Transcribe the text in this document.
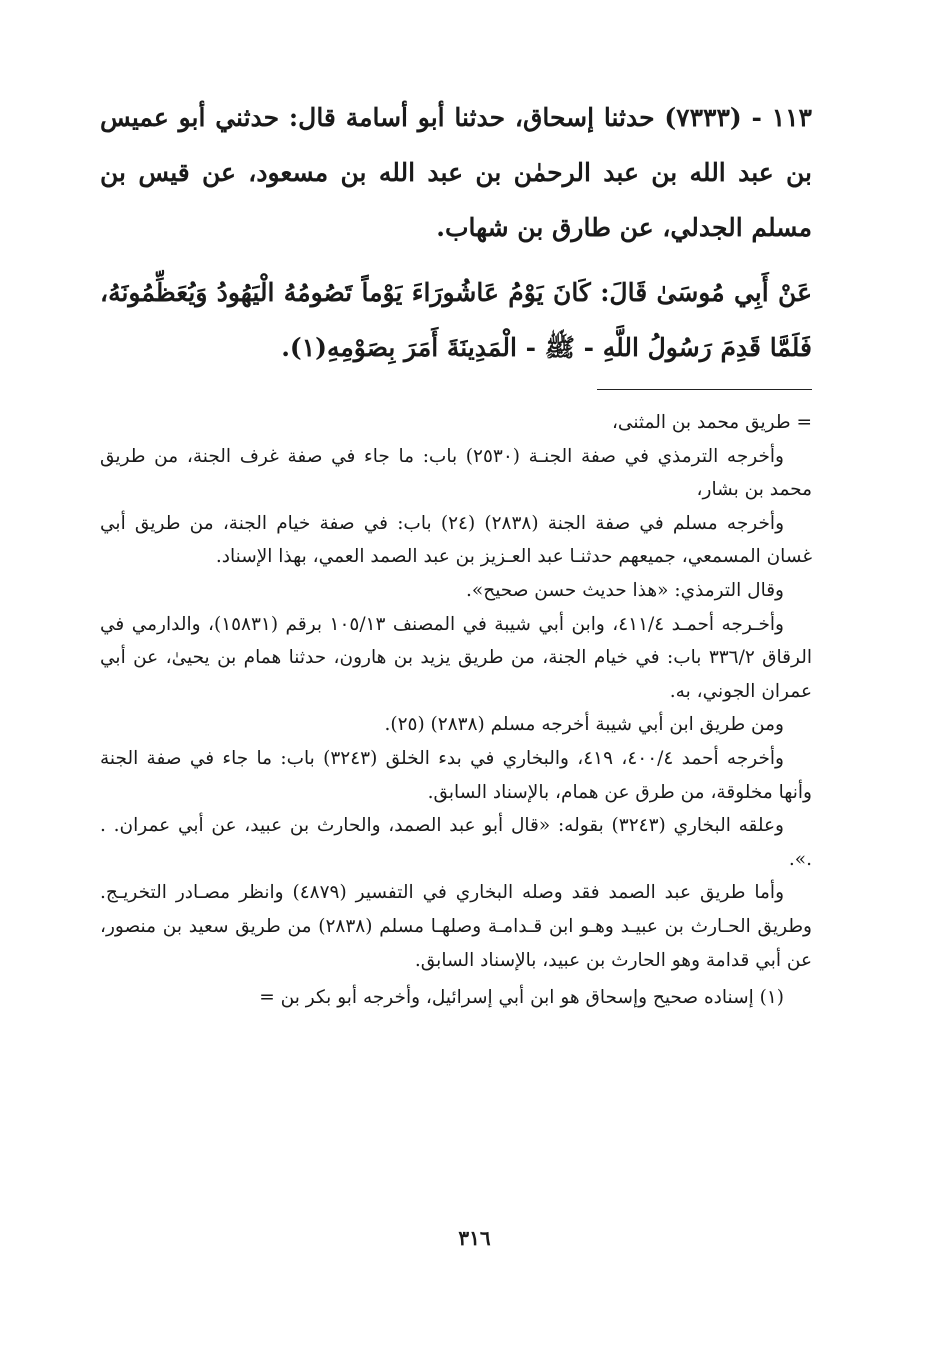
١١٣ - (٧٣٣٣) حدثنا إسحاق، حدثنا أبو أسامة قال: حدثني أبو عميس بن عبد الله بن عبد الرحمٰن بن عبد الله بن مسعود، عن قيس بن مسلم الجدلي، عن طارق بن شهاب.

عَنْ أَبِي مُوسَىٰ قَالَ: كَانَ يَوْمُ عَاشُورَاءَ يَوْماً تَصُومُهُ الْيَهُودُ وَيُعَظِّمُونَهُ، فَلَمَّا قَدِمَ رَسُولُ اللَّهِ - ﷺ - الْمَدِينَةَ أَمَرَ بِصَوْمِهِ(١).

= طريق محمد بن المثنى،

وأخرجه الترمذي في صفة الجنـة (٢٥٣٠) باب: ما جاء في صفة غرف الجنة، من طريق محمد بن بشار،

وأخرجه مسلم في صفة الجنة (٢٨٣٨) (٢٤) باب: في صفة خيام الجنة، من طريق أبي غسان المسمعي، جميعهم حدثنـا عبد العـزيز بن عبد الصمد العمي، بهذا الإسناد.

وقال الترمذي: «هذا حديث حسن صحيح».

وأخـرجه أحمـد ٤١١/٤، وابن أبي شيبة في المصنف ١٠٥/١٣ برقم (١٥٨٣١)، والدارمي في الرقاق ٣٣٦/٢ باب: في خيام الجنة، من طريق يزيد بن هارون، حدثنا همام بن يحيىٰ، عن أبي عمران الجوني، به.

ومن طريق ابن أبي شيبة أخرجه مسلم (٢٨٣٨) (٢٥).

وأخرجه أحمد ٤٠٠/٤، ٤١٩، والبخاري في بدء الخلق (٣٢٤٣) باب: ما جاء في صفة الجنة وأنها مخلوقة، من طرق عن همام، بالإسناد السابق.

وعلقه البخاري (٣٢٤٣) بقوله: «قال أبو عبد الصمد، والحارث بن عبيد، عن أبي عمران. . .».

وأما طريق عبد الصمد فقد وصله البخاري في التفسير (٤٨٧٩) وانظر مصـادر التخريـج. وطريق الحـارث بن عبيـد وهـو ابن قـدامـة وصلهـا مسلم (٢٨٣٨) من طريق سعيد بن منصور، عن أبي قدامة وهو الحارث بن عبيد، بالإسناد السابق.

(١) إسناده صحيح وإسحاق هو ابن أبي إسرائيل، وأخرجه أبو بكر بن =

٣١٦
